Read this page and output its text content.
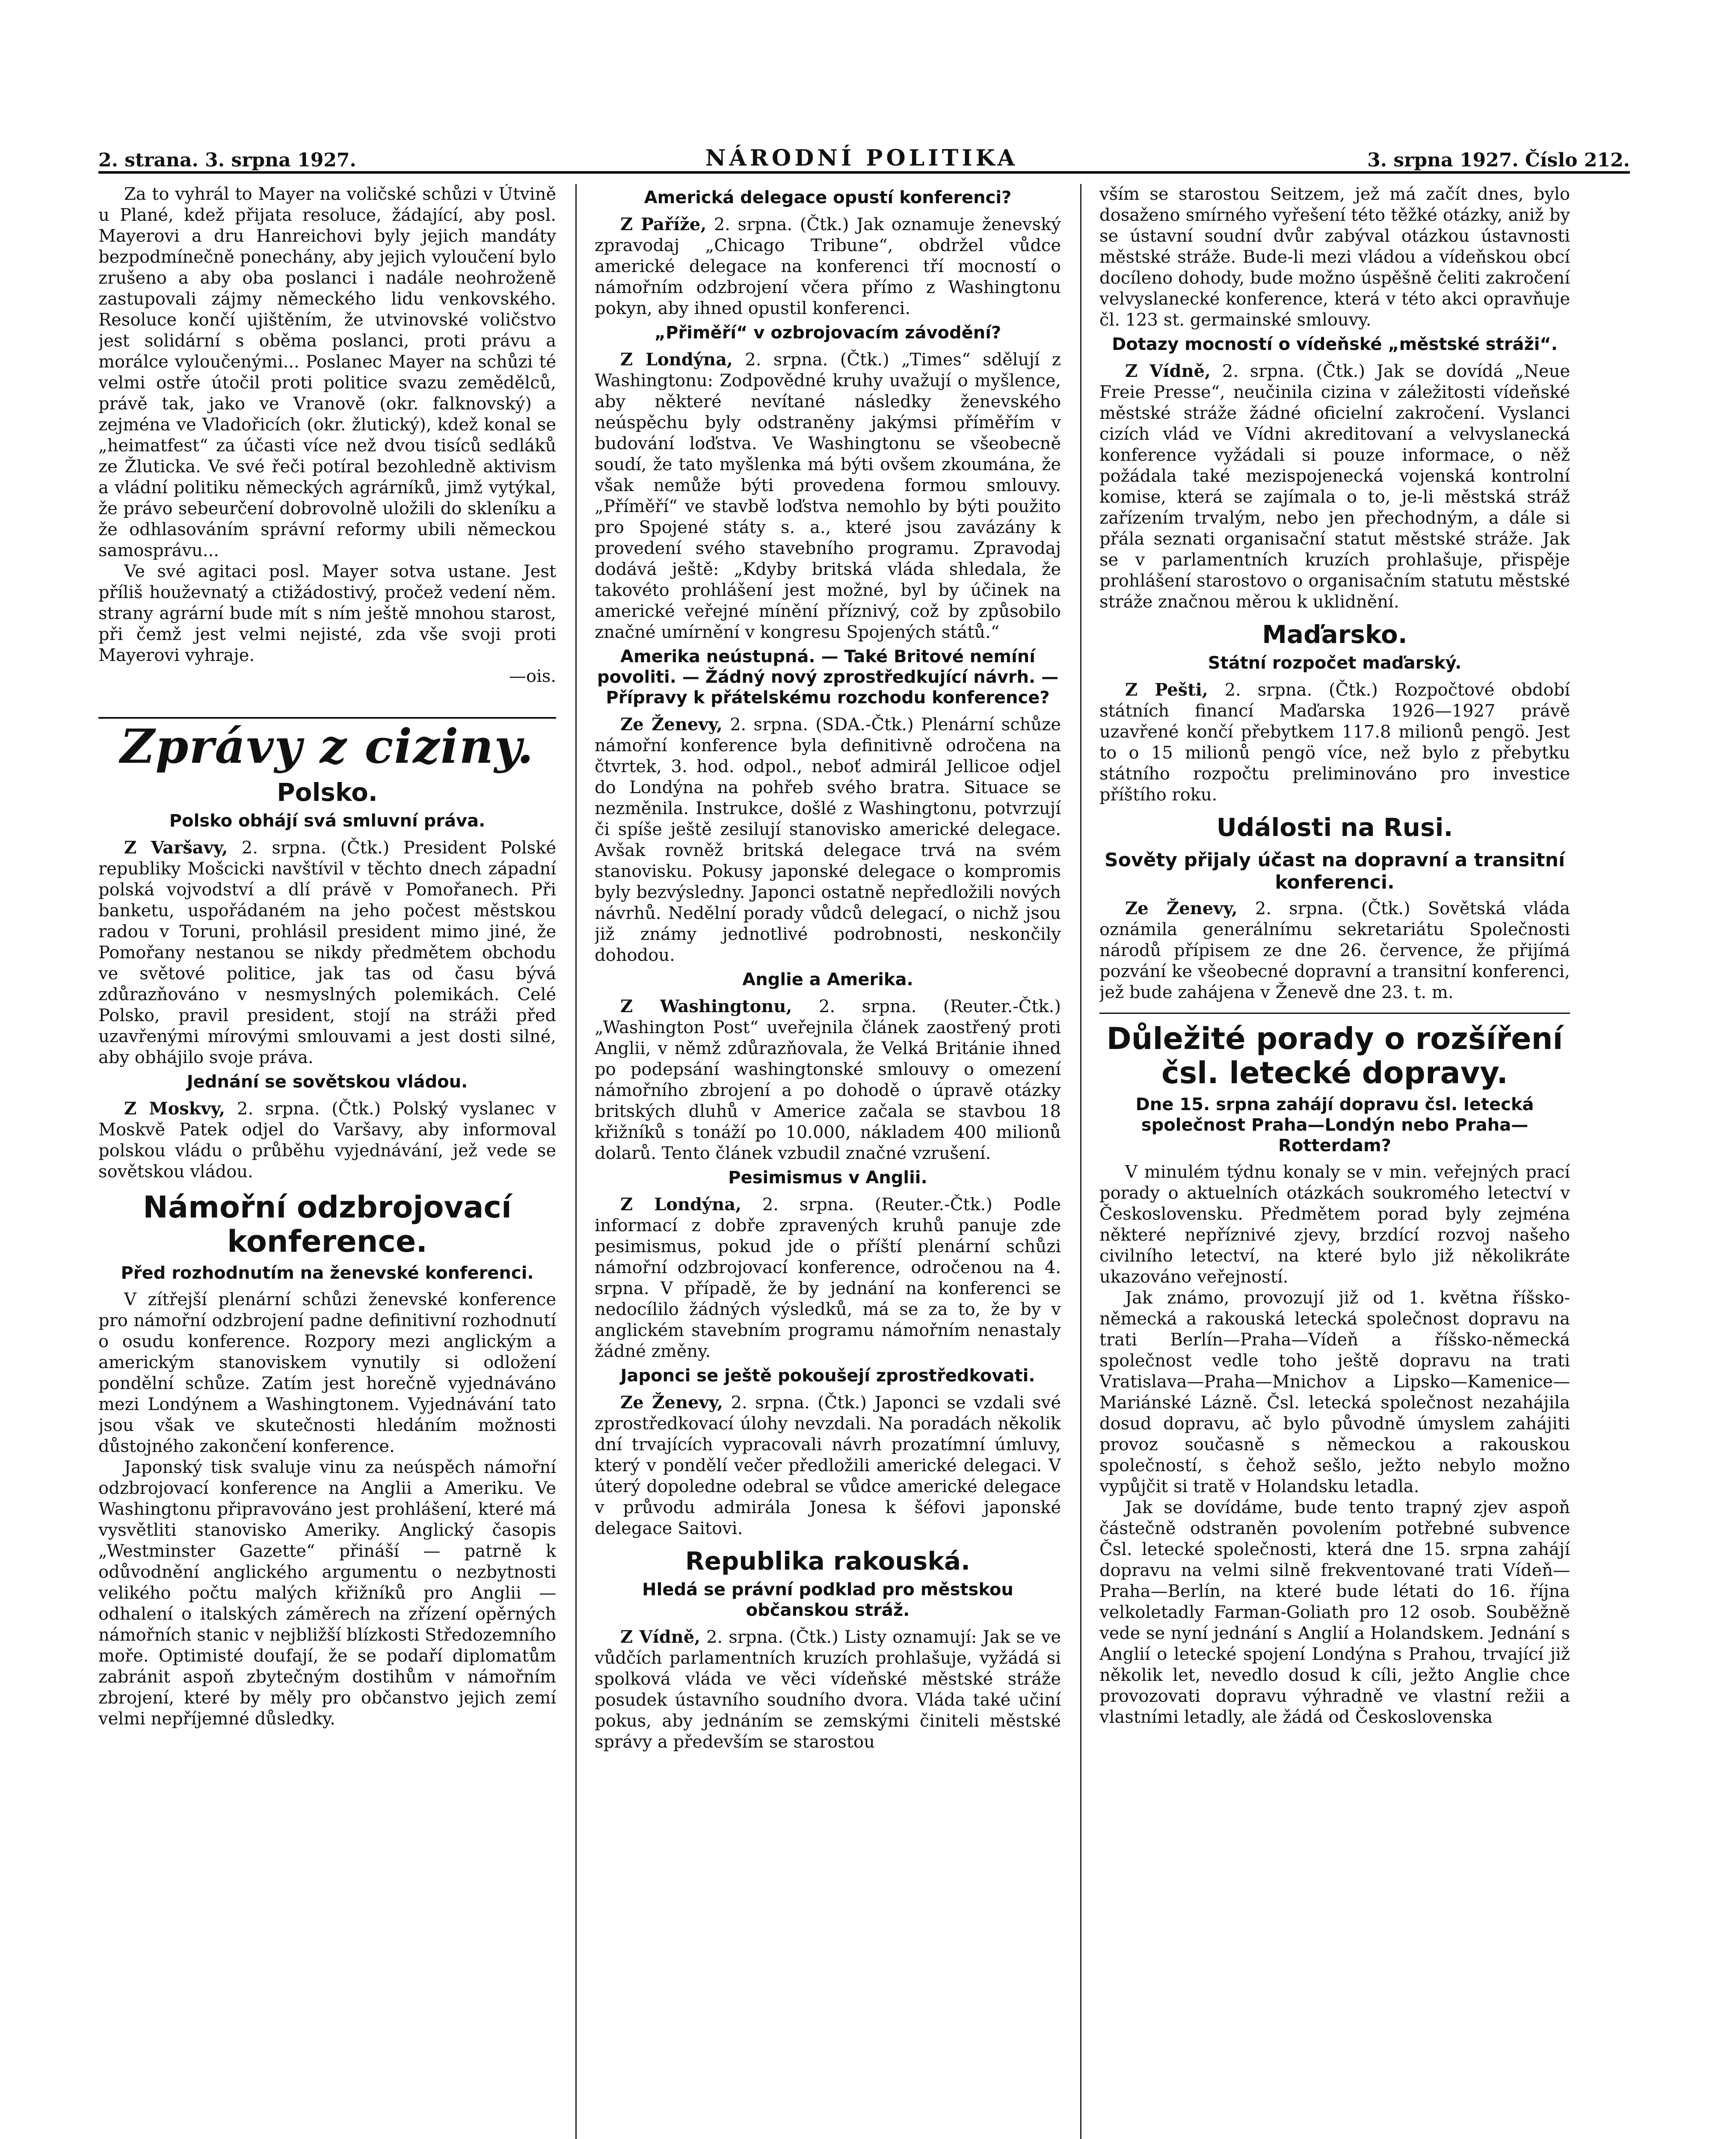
2. strana. 3. srpna 1927.	NÁRODNÍ POLITIKA	3. srpna 1927. Číslo 212.

Za to vyhrál to Mayer na voličské schůzi v Útvině u Plané, kdež přijata resoluce, žádající, aby posl. Mayerovi a dru Hanreichovi byly jejich mandáty bezpodmínečně ponechány, aby jejich vyloučení bylo zrušeno a aby oba poslanci i nadále neohroženě zastupovali zájmy německého lidu venkovského. Resoluce končí ujištěním, že utvinovské voličstvo jest solidární s oběma poslanci, proti právu a morálce vyloučenými... Poslanec Mayer na schůzi té velmi ostře útočil proti politice svazu zemědělců, právě tak, jako ve Vranově (okr. falknovský) a zejména ve Vladořicích (okr. žlutický), kdež konal se „heimatfest“ za účasti více než dvou tisíců sedláků ze Žluticka. Ve své řeči potíral bezohledně aktivism a vládní politiku německých agrárníků, jimž vytýkal, že právo sebeurčení dobrovolně uložili do skleníku a že odhlasováním správní reformy ubili německou samosprávu...

Ve své agitaci posl. Mayer sotva ustane. Jest příliš houževnatý a ctižádostivý, pročež vedení něm. strany agrární bude mít s ním ještě mnohou starost, při čemž jest velmi nejisté, zda vše svoji proti Mayerovi vyhraje.

—ois.
Zprávy z ciziny.
Polsko.
Polsko obhájí svá smluvní práva.

Z Varšavy, 2. srpna. (Čtk.) President Polské republiky Mošcicki navštívil v těchto dnech západní polská vojvodství a dlí právě v Pomořanech. Při banketu, uspořádaném na jeho počest městskou radou v Toruni, prohlásil president mimo jiné, že Pomořany nestanou se nikdy předmětem obchodu ve světové politice, jak tas od času bývá zdůrazňováno v nesmyslných polemikách. Celé Polsko, pravil president, stojí na stráži před uzavřenými mírovými smlouvami a jest dosti silné, aby obhájilo svoje práva.

Jednání se sovětskou vládou.

Z Moskvy, 2. srpna. (Čtk.) Polský vyslanec v Moskvě Patek odjel do Varšavy, aby informoval polskou vládu o průběhu vyjednávání, jež vede se sovětskou vládou.

Námořní odzbrojovací konference.
Před rozhodnutím na ženevské konferenci.

V zítřejší plenární schůzi ženevské konference pro námořní odzbrojení padne definitivní rozhodnutí o osudu konference. Rozpory mezi anglickým a americkým stanoviskem vynutily si odložení pondělní schůze. Zatím jest horečně vyjednáváno mezi Londýnem a Washingtonem. Vyjednávání tato jsou však ve skutečnosti hledáním možnosti důstojného zakončení konference.

Japonský tisk svaluje vinu za neúspěch námořní odzbrojovací konference na Anglii a Ameriku. Ve Washingtonu připravováno jest prohlášení, které má vysvětliti stanovisko Ameriky. Anglický časopis „Westminster Gazette“ přináší — patrně k odůvodnění anglického argumentu o nezbytnosti velikého počtu malých křižníků pro Anglii — odhalení o italských záměrech na zřízení opěrných námořních stanic v nejbližší blízkosti Středozemního moře. Optimisté doufají, že se podaří diplomatům zabránit aspoň zbytečným dostihům v námořním zbrojení, které by měly pro občanstvo jejich zemí velmi nepříjemné důsledky.

Americká delegace opustí konferenci?

Z Paříže, 2. srpna. (Čtk.) Jak oznamuje ženevský zpravodaj „Chicago Tribune“, obdržel vůdce americké delegace na konferenci tří mocností o námořním odzbrojení včera přímo z Washingtonu pokyn, aby ihned opustil konferenci.

„Přiměří“ v ozbrojovacím závodění?

Z Londýna, 2. srpna. (Čtk.) „Times“ sdělují z Washingtonu: Zodpovědné kruhy uvažují o myšlence, aby některé nevítané následky ženevského neúspěchu byly odstraněny jakýmsi příměřím v budování loďstva. Ve Washingtonu se všeobecně soudí, že tato myšlenka má býti ovšem zkoumána, že však nemůže býti provedena formou smlouvy. „Příměří“ ve stavbě loďstva nemohlo by býti použito pro Spojené státy s. a., které jsou zavázány k provedení svého stavebního programu. Zpravodaj dodává ještě: „Kdyby britská vláda shledala, že takovéto prohlášení jest možné, byl by účinek na americké veřejné mínění příznivý, což by způsobilo značné umírnění v kongresu Spojených států.“

Amerika neústupná. — Také Britové nemíní povoliti. — Žádný nový zprostředkující návrh. — Přípravy k přátelskému rozchodu konference?

Ze Ženevy, 2. srpna. (SDA.-Čtk.) Plenární schůze námořní konference byla definitivně odročena na čtvrtek, 3. hod. odpol., neboť admirál Jellicoe odjel do Londýna na pohřeb svého bratra. Situace se nezměnila. Instrukce, došlé z Washingtonu, potvrzují či spíše ještě zesilují stanovisko americké delegace. Avšak rovněž britská delegace trvá na svém stanovisku. Pokusy japonské delegace o kompromis byly bezvýsledny. Japonci ostatně nepředložili nových návrhů. Nedělní porady vůdců delegací, o nichž jsou již známy jednotlivé podrobnosti, neskončily dohodou.

Anglie a Amerika.

Z Washingtonu, 2. srpna. (Reuter.-Čtk.) „Washington Post“ uveřejnila článek zaostřený proti Anglii, v němž zdůrazňovala, že Velká Británie ihned po podepsání washingtonské smlouvy o omezení námořního zbrojení a po dohodě o úpravě otázky britských dluhů v Americe začala se stavbou 18 křižníků s tonáží po 10.000, nákladem 400 milionů dolarů. Tento článek vzbudil značné vzrušení.

Pesimismus v Anglii.

Z Londýna, 2. srpna. (Reuter.-Čtk.) Podle informací z dobře zpravených kruhů panuje zde pesimismus, pokud jde o příští plenární schůzi námořní odzbrojovací konference, odročenou na 4. srpna. V případě, že by jednání na konferenci se nedocílilo žádných výsledků, má se za to, že by v anglickém stavebním programu námořním nenastaly žádné změny.

Japonci se ještě pokoušejí zprostředkovati.

Ze Ženevy, 2. srpna. (Čtk.) Japonci se vzdali své zprostředkovací úlohy nevzdali. Na poradách několik dní trvajících vypracovali návrh prozatímní úmluvy, který v pondělí večer předložili americké delegaci. V úterý dopoledne odebral se vůdce americké delegace v průvodu admirála Jonesa k šéfovi japonské delegace Saitovi.

Republika rakouská.
Hledá se právní podklad pro městskou občanskou stráž.

Z Vídně, 2. srpna. (Čtk.) Listy oznamují: Jak se ve vůdčích parlamentních kruzích prohlašuje, vyžádá si spolková vláda ve věci vídeňské městské stráže posudek ústavního soudního dvora. Vláda také učiní pokus, aby jednáním se zemskými činiteli městské správy a především se starostou

vším se starostou Seitzem, jež má začít dnes, bylo dosaženo smírného vyřešení této těžké otázky, aniž by se ústavní soudní dvůr zabýval otázkou ústavnosti městské stráže. Bude-li mezi vládou a vídeňskou obcí docíleno dohody, bude možno úspěšně čeliti zakročení velvyslanecké konference, která v této akci opravňuje čl. 123 st. germainské smlouvy.

Dotazy mocností o vídeňské „městské stráži“.

Z Vídně, 2. srpna. (Čtk.) Jak se dovídá „Neue Freie Presse“, neučinila cizina v záležitosti vídeňské městské stráže žádné oficielní zakročení. Vyslanci cizích vlád ve Vídni akreditovaní a velvyslanecká konference vyžádali si pouze informace, o něž požádala také mezispojenecká vojenská kontrolní komise, která se zajímala o to, je-li městská stráž zařízením trvalým, nebo jen přechodným, a dále si přála seznati organisační statut městské stráže. Jak se v parlamentních kruzích prohlašuje, přispěje prohlášení starostovo o organisačním statutu městské stráže značnou měrou k uklidnění.

Maďarsko.
Státní rozpočet maďarský.

Z Pešti, 2. srpna. (Čtk.) Rozpočtové období státních financí Maďarska 1926—1927 právě uzavřené končí přebytkem 117.8 milionů pengö. Jest to o 15 milionů pengö více, než bylo z přebytku státního rozpočtu preliminováno pro investice příštího roku.

Události na Rusi.
Sověty přijaly účast na dopravní a transitní konferenci.

Ze Ženevy, 2. srpna. (Čtk.) Sovětská vláda oznámila generálnímu sekretariátu Společnosti národů přípisem ze dne 26. července, že přijímá pozvání ke všeobecné dopravní a transitní konferenci, jež bude zahájena v Ženevě dne 23. t. m.

Důležité porady o rozšíření čsl. letecké dopravy.
Dne 15. srpna zahájí dopravu čsl. letecká společnost Praha—Londýn nebo Praha—Rotterdam?

V minulém týdnu konaly se v min. veřejných prací porady o aktuelních otázkách soukromého letectví v Československu. Předmětem porad byly zejména některé nepříznivé zjevy, brzdící rozvoj našeho civilního letectví, na které bylo již několikráte ukazováno veřejností.

Jak známo, provozují již od 1. května říšsko-německá a rakouská letecká společnost dopravu na trati Berlín—Praha—Vídeň a říšsko-německá společnost vedle toho ještě dopravu na trati Vratislava—Praha—Mnichov a Lipsko—Kamenice—Mariánské Lázně. Čsl. letecká společnost nezahájila dosud dopravu, ač bylo původně úmyslem zahájiti provoz současně s německou a rakouskou společností, s čehož sešlo, ježto nebylo možno vypůjčit si tratě v Holandsku letadla.

Jak se dovídáme, bude tento trapný zjev aspoň částečně odstraněn povolením potřebné subvence Čsl. letecké společnosti, která dne 15. srpna zahájí dopravu na velmi silně frekventované trati Vídeň—Praha—Berlín, na které bude létati do 16. října velkoletadly Farman-Goliath pro 12 osob. Souběžně vede se nyní jednání s Anglií a Holandskem. Jednání s Anglií o letecké spojení Londýna s Prahou, trvající již několik let, nevedlo dosud k cíli, ježto Anglie chce provozovati dopravu výhradně ve vlastní režii a vlastními letadly, ale žádá od Československa
